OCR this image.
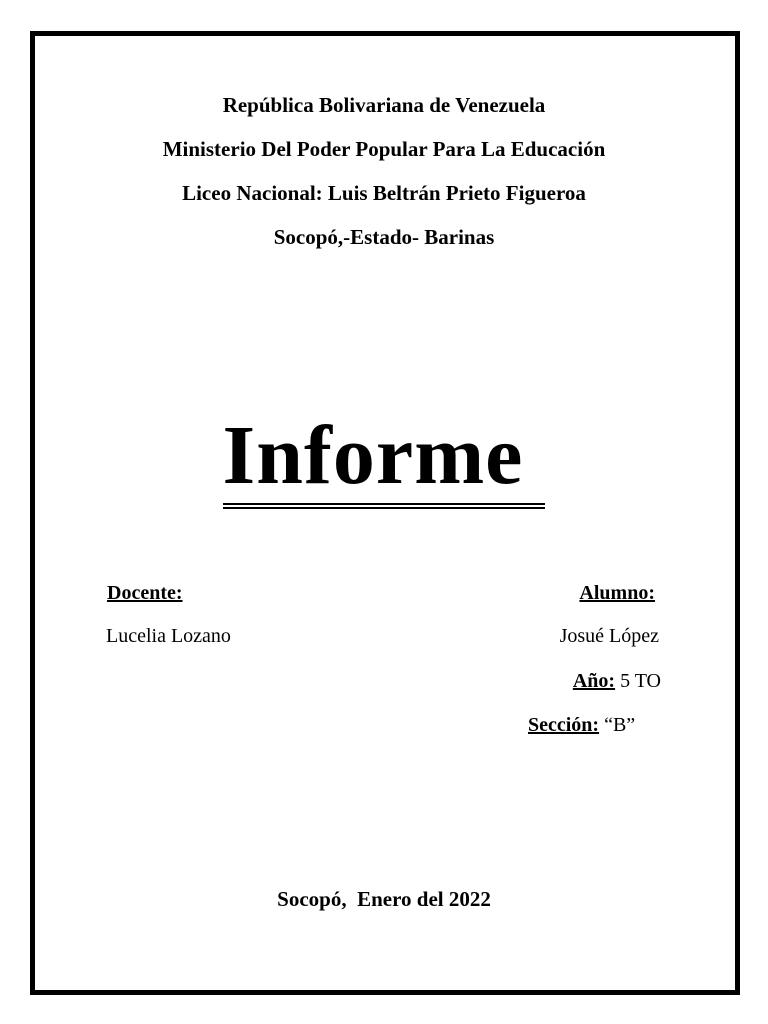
República Bolivariana de Venezuela
Ministerio Del Poder Popular Para La Educación
Liceo Nacional: Luis Beltrán Prieto Figueroa
Socopó,-Estado- Barinas
Informe
Docente:
Lucelia Lozano
Alumno:
Josué López
Año: 5 TO
Sección: “B”
Socopó,  Enero del 2022
